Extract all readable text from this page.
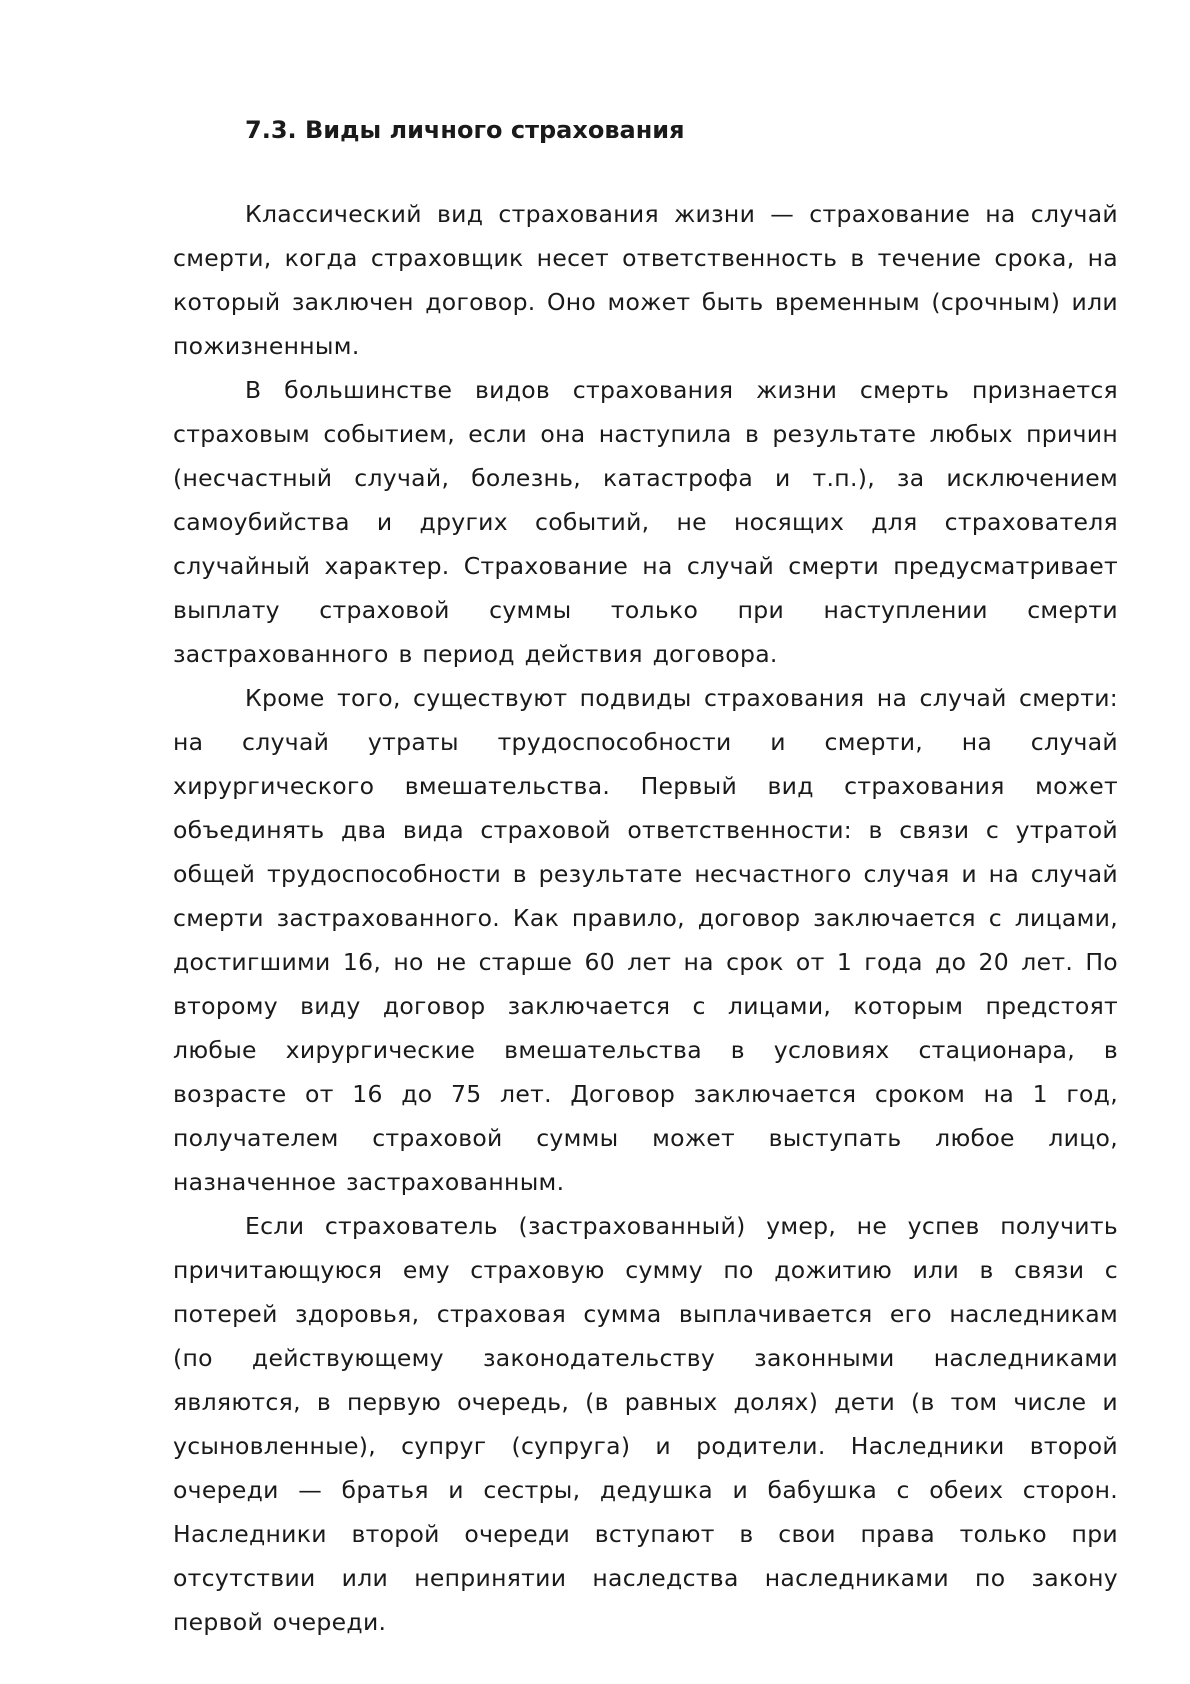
7.3. Виды личного страхования

Классический вид страхования жизни — страхование на случай смерти, когда страховщик несет ответственность в течение срока, на который заключен договор. Оно может быть временным (срочным) или пожизненным.

В большинстве видов страхования жизни смерть признается страховым событием, если она наступила в результате любых причин (несчастный случай, болезнь, катастрофа и т.п.), за исключением самоубийства и других событий, не носящих для страхователя случайный характер. Страхование на случай смерти предусматривает выплату страховой суммы только при наступлении смерти застрахованного в период действия договора.

Кроме того, существуют подвиды страхования на случай смерти: на случай утраты трудоспособности и смерти, на случай хирургического вмешательства. Первый вид страхования может объединять два вида страховой ответственности: в связи с утратой общей трудоспособности в результате несчастного случая и на случай смерти застрахованного. Как правило, договор заключается с лицами, достигшими 16, но не старше 60 лет на срок от 1 года до 20 лет. По второму виду договор заключается с лицами, которым предстоят любые хирургические вмешательства в условиях стационара, в возрасте от 16 до 75 лет. Договор заключается сроком на 1 год, получателем страховой суммы может выступать любое лицо, назначенное застрахованным.

Если страхователь (застрахованный) умер, не успев получить причитающуюся ему страховую сумму по дожитию или в связи с потерей здоровья, страховая сумма выплачивается его наследникам (по действующему законодательству законными наследниками являются, в первую очередь, (в равных долях) дети (в том числе и усыновленные), супруг (супруга) и родители. Наследники второй очереди — братья и сестры, дедушка и бабушка с обеих сторон. Наследники второй очереди вступают в свои права только при отсутствии или непринятии наследства наследниками по закону первой очереди.
